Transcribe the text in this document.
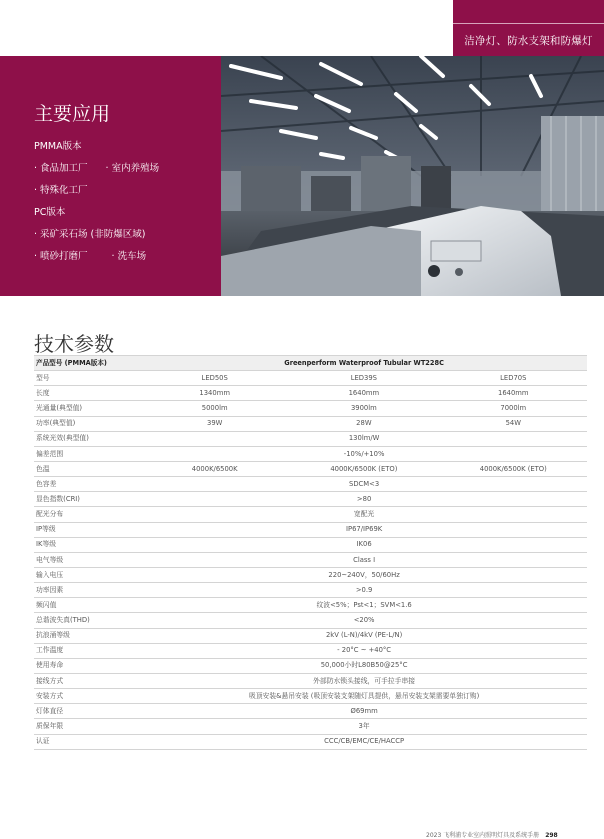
洁净灯、防水支架和防爆灯
主要应用
PMMA版本
· 食品加工厂 · 室内养殖场
· 特殊化工厂
PC版本
· 采矿采石场 (非防爆区域)
· 喷砂打磨厂	· 洗车场
技术参数
产品型号 (PMMA版本)	Greenperform Waterproof Tubular WT228C		
型号	LED50S	LED39S	LED70S
长度	1340mm	1640mm	1640mm
光通量(典型值)	5000lm	3900lm	7000lm
功率(典型值)	39W	28W	54W
系统光效(典型值)	130lm/W		
偏差范围	-10%/+10%		
色温	4000K/6500K	4000K/6500K (ETO)	4000K/6500K (ETO)
色容差	SDCM<3		
显色指数(CRI)	>80		
配光分布	宽配光		
IP等级	IP67/IP69K		
IK等级	IK06		
电气等级	Class I		
输入电压	220~240V，50/60Hz		
功率因素	>0.9		
频闪值	纹波<5%；Pst<1；SVM<1.6		
总谐波失真(THD)	<20%		
抗浪涌等级	2kV (L-N)/4kV (PE-L/N)		
工作温度	- 20°C ~ +40°C		
使用寿命	50,000小时L80B50@25°C		
接线方式	外部防水锁头接线，可手拉手串接		
安装方式	吸顶安装&悬吊安装 (吸顶安装支架随灯具提供，悬吊安装支架需要单独订购)		
灯体直径	Ø69mm		
质保年限	3年		
认证	CCC/CB/EMC/CE/HACCP		
2023 飞利浦专业室内照明灯具及系统手册 298
